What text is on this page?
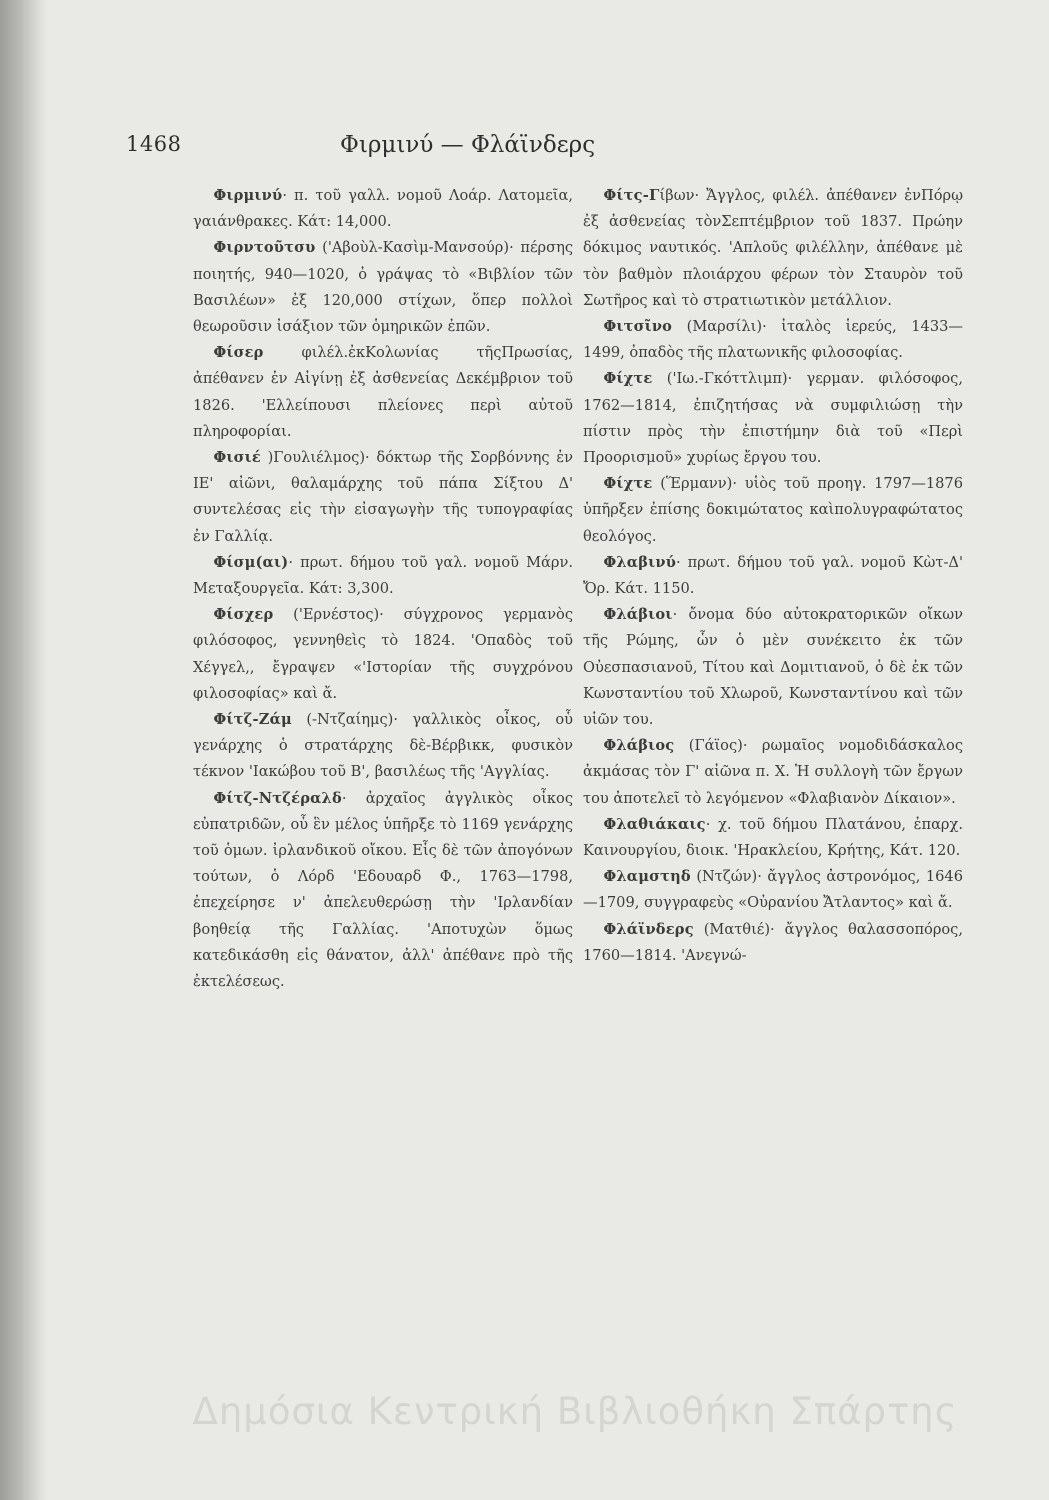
1468	Φιρμινύ — Φλάϊνδερς

Φιρμινύ· π. τοῦ γαλλ. νομοῦ Λοάρ. Λατομεῖα, γαιάνθρακες. Κάτ: 14,000.

Φιρντοῦτσυ ('Αβοὺλ-Κασὶμ-Μανσούρ)· πέρσης ποιητής, 940—1020, ὁ γράψας τὸ «Βιβλίον τῶν Βασιλέων» ἐξ 120,000 στίχων, ὅπερ πολλοὶ θεωροῦσιν ἰσάξιον τῶν ὁμηρικῶν ἐπῶν.

Φίσερ φιλέλ.ἐκΚολωνίας τῆςΠρωσίας, ἀπέθανεν ἐν Αἰγίνῃ ἐξ ἀσθενείας Δεκέμβριον τοῦ 1826. 'Ελλείπουσι πλείονες περὶ αὐτοῦ πληροφορίαι.

Φισιέ )Γουλιέλμος)· δόκτωρ τῆς Σορβόννης ἐν ΙΕ' αἰῶνι, θαλαμάρχης τοῦ πάπα Σίξτου Δ' συντελέσας εἰς τὴν εἰσαγωγὴν τῆς τυπογραφίας ἐν Γαλλίᾳ.

Φίσμ(αι)· πρωτ. δήμου τοῦ γαλ. νομοῦ Μάρν. Μεταξουργεῖα. Κάτ: 3,300.

Φίσχερ ('Ερνέστος)· σύγχρονος γερμανὸς φιλόσοφος, γεννηθεὶς τὸ 1824. 'Οπαδὸς τοῦ Χέγγελ,, ἔγραψεν «'Ιστορίαν τῆς συγχρόνου φιλοσοφίας» καὶ ἄ.

Φίτζ-Ζάμ (-Ντζαίημς)· γαλλικὸς οἶκος, οὗ γενάρχης ὁ στρατάρχης δὲ-Βέρβικκ, φυσικὸν τέκνον 'Ιακώβου τοῦ Β', βασιλέως τῆς 'Αγγλίας.

Φίτζ-Ντζέραλδ· ἀρχαῖος ἀγγλικὸς οἶκος εὐπατριδῶν, οὗ ἓν μέλος ὑπῆρξε τὸ 1169 γενάρχης τοῦ ὁμων. ἰρλανδικοῦ οἴκου. Εἷς δὲ τῶν ἀπογόνων τούτων, ὁ Λόρδ 'Εδουαρδ Φ., 1763—1798, ἐπεχείρησε ν' ἀπελευθερώσῃ τὴν 'Ιρλανδίαν βοηθείᾳ τῆς Γαλλίας. 'Αποτυχὼν ὅμως κατεδικάσθη εἰς θάνατον, ἀλλ' ἀπέθανε πρὸ τῆς ἐκτελέσεως.

Φίτς-Γίβων· Ἄγγλος, φιλέλ. ἀπέθανεν ἐνΠόρῳ ἐξ ἀσθενείας τὸνΣεπτέμβριον τοῦ 1837. Πρώην δόκιμος ναυτικός. 'Απλοῦς φιλέλλην, ἀπέθανε μὲ τὸν βαθμὸν πλοιάρχου φέρων τὸν Σταυρὸν τοῦ Σωτῆρος καὶ τὸ στρατιωτικὸν μετάλλιον.

Φιτσῖνο (Μαρσίλι)· ἰταλὸς ἱερεύς, 1433—1499, ὀπαδὸς τῆς πλατωνικῆς φιλοσοφίας.

Φίχτε ('Ιω.-Γκόττλιμπ)· γερμαν. φιλόσοφος, 1762—1814, ἐπιζητήσας νὰ συμφιλιώσῃ τὴν πίστιν πρὸς τὴν ἐπιστήμην διὰ τοῦ «Περὶ Προορισμοῦ» χυρίως ἔργου του.

Φίχτε (Ἕρμανν)· υἱὸς τοῦ προηγ. 1797—1876 ὑπῆρξεν ἐπίσης δοκιμώτατος καὶπολυγραφώτατος θεολόγος.

Φλαβινύ· πρωτ. δήμου τοῦ γαλ. νομοῦ Κὼτ-Δ' Ὄρ. Κάτ. 1150.

Φλάβιοι· ὄνομα δύο αὐτοκρατορικῶν οἴκων τῆς Ρώμης, ὧν ὁ μὲν συνέκειτο ἐκ τῶν Οὐεσπασιανοῦ, Τίτου καὶ Δομιτιανοῦ, ὁ δὲ ἐκ τῶν Κωνσταντίου τοῦ Χλωροῦ, Κωνσταντίνου καὶ τῶν υἱῶν του.

Φλάβιος (Γάϊος)· ρωμαῖος νομοδιδάσκαλος ἀκμάσας τὸν Γ' αἰῶνα π. Χ. Ἡ συλλογὴ τῶν ἔργων του ἀποτελεῖ τὸ λεγόμενον «Φλαβιανὸν Δίκαιον».

Φλαθιάκαις· χ. τοῦ δήμου Πλατάνου, ἐπαρχ. Καινουργίου, διοικ. 'Ηρακλείου, Κρήτης, Κάτ. 120.

Φλαμστηδ (Ντζών)· ἄγγλος ἀστρονόμος, 1646—1709, συγγραφεὺς «Οὐρανίου Ἄτλαντος» καὶ ἄ.

Φλάϊνδερς (Ματθιέ)· ἄγγλος θαλασσοπόρος, 1760—1814. 'Ανεγνώ-

Δημόσια Κεντρική Βιβλιοθήκη Σπάρτης
